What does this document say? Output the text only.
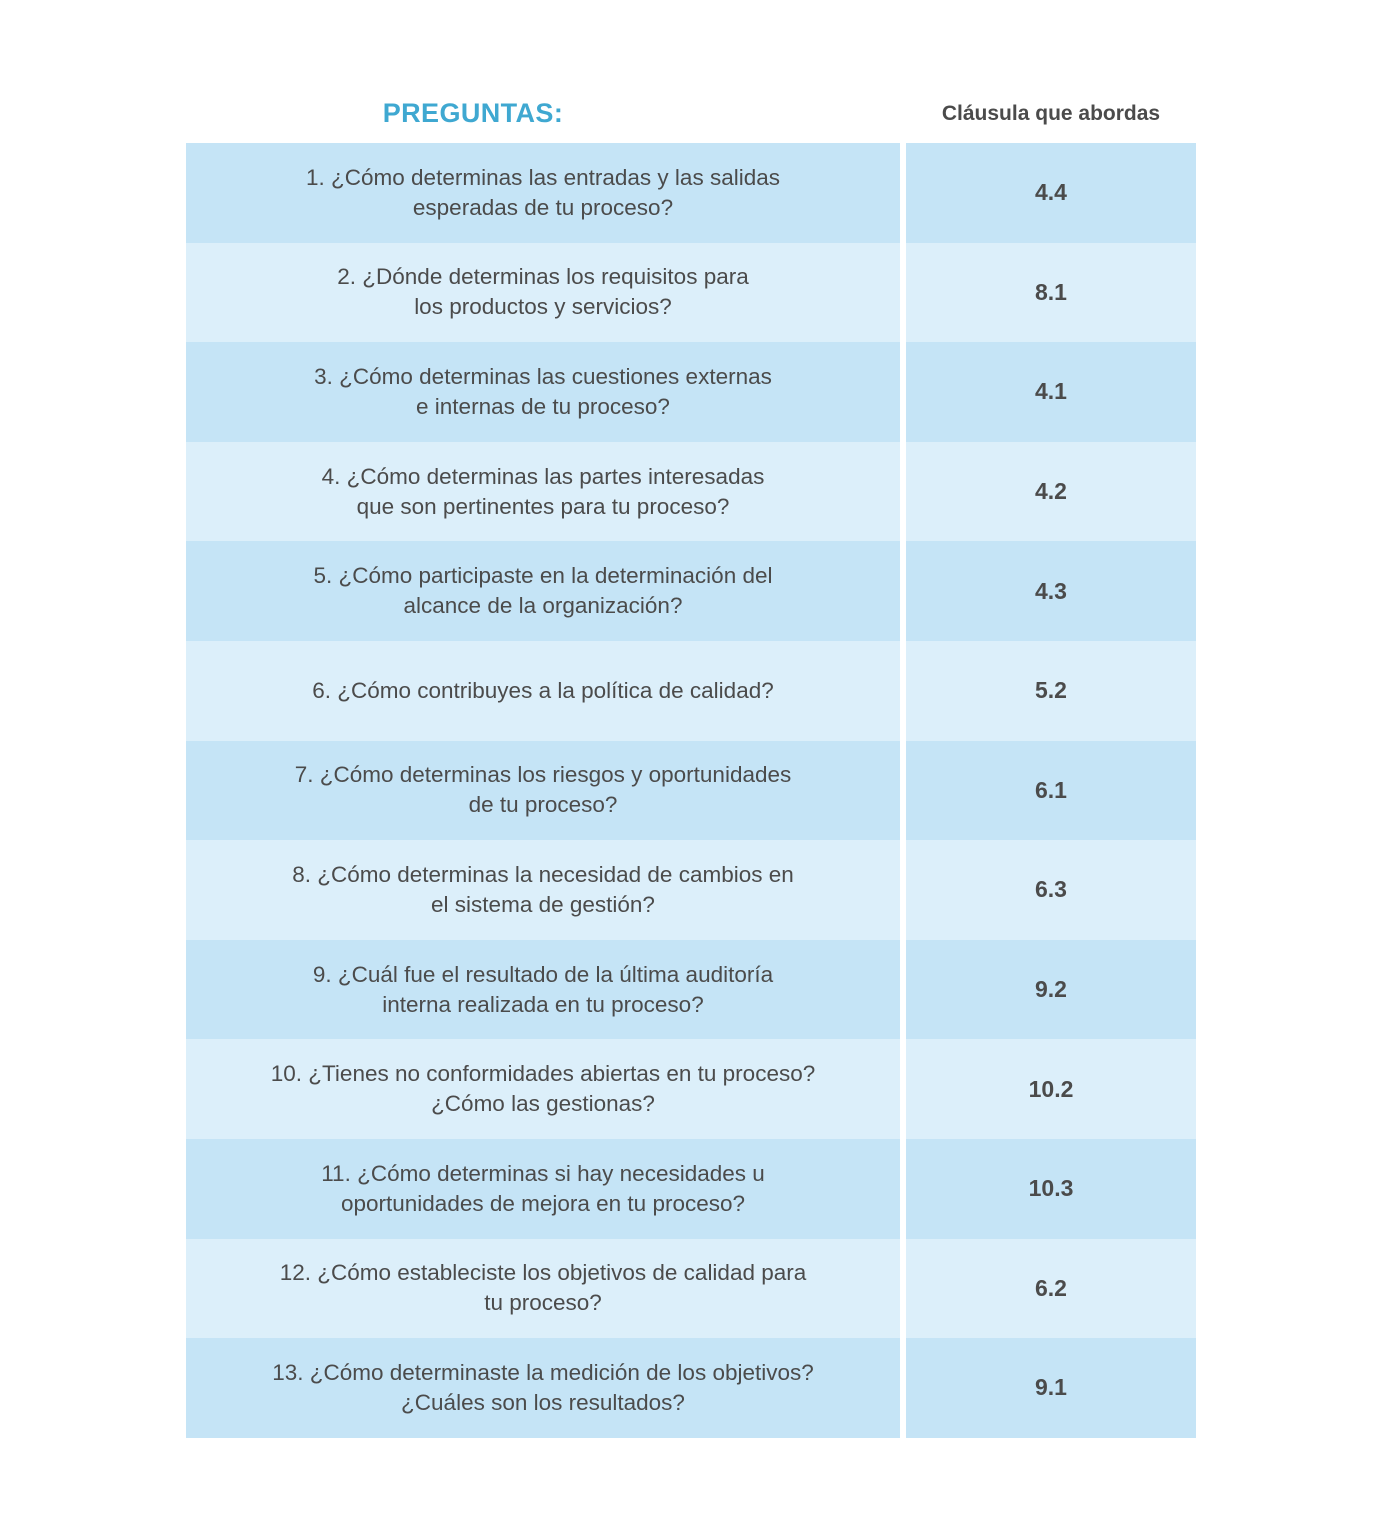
PREGUNTAS:	Cláusula que abordas
1. ¿Cómo determinas las entradas y las salidas
esperadas de tu proceso?
4.4
2. ¿Dónde determinas los requisitos para
los productos y servicios?
8.1
3. ¿Cómo determinas las cuestiones externas
e internas de tu proceso?
4.1
4. ¿Cómo determinas las partes interesadas
que son pertinentes para tu proceso?
4.2
5. ¿Cómo participaste en la determinación del
alcance de la organización?
4.3
6. ¿Cómo contribuyes a la política de calidad?	5.2
7. ¿Cómo determinas los riesgos y oportunidades
de tu proceso?
6.1
8. ¿Cómo determinas la necesidad de cambios en
el sistema de gestión?
6.3
9. ¿Cuál fue el resultado de la última auditoría
interna realizada en tu proceso?
9.2
10. ¿Tienes no conformidades abiertas en tu proceso?
¿Cómo las gestionas?
10.2
11. ¿Cómo determinas si hay necesidades u
oportunidades de mejora en tu proceso?
10.3
12. ¿Cómo estableciste los objetivos de calidad para
tu proceso?
6.2
13. ¿Cómo determinaste la medición de los objetivos?
¿Cuáles son los resultados?
9.1
